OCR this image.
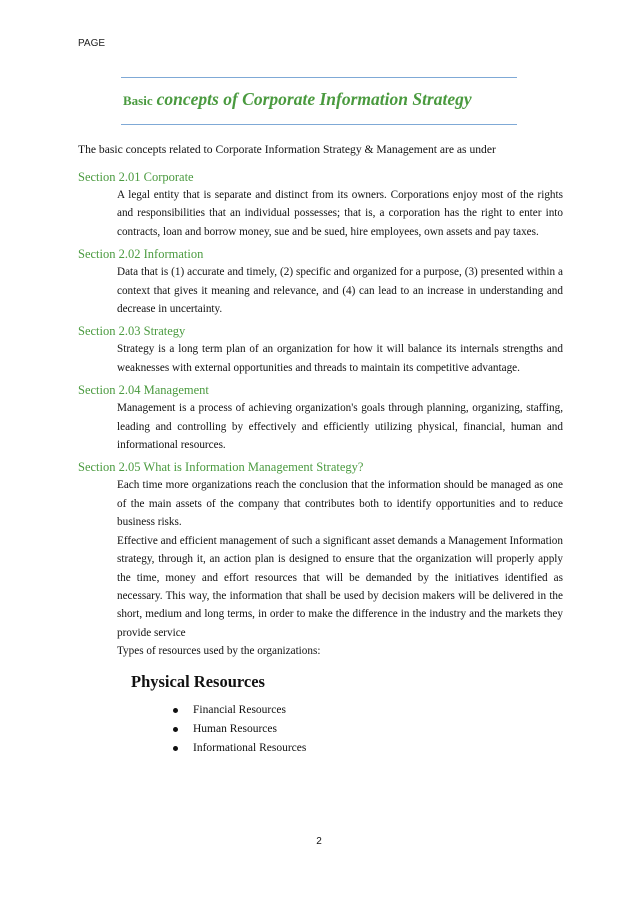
PAGE
Basic concepts of Corporate Information Strategy
The basic concepts related to Corporate Information Strategy & Management are as under
Section 2.01 Corporate
A legal entity that is separate and distinct from its owners. Corporations enjoy most of the rights and responsibilities that an individual possesses; that is, a corporation has the right to enter into contracts, loan and borrow money, sue and be sued, hire employees, own assets and pay taxes.
Section 2.02 Information
Data that is (1) accurate and timely, (2) specific and organized for a purpose, (3) presented within a context that gives it meaning and relevance, and (4) can lead to an increase in understanding and decrease in uncertainty.
Section 2.03 Strategy
Strategy is a long term plan of an organization for how it will balance its internals strengths and weaknesses with external opportunities and threads to maintain its competitive advantage.
Section 2.04 Management
Management is a process of achieving organization's goals through planning, organizing, staffing, leading and controlling by effectively and efficiently utilizing physical, financial, human and informational resources.
Section 2.05 What is Information Management Strategy?
Each time more organizations reach the conclusion that the information should be managed as one of the main assets of the company that contributes both to identify opportunities and to reduce business risks.
Effective and efficient management of such a significant asset demands a Management Information strategy, through it, an action plan is designed to ensure that the organization will properly apply the time, money and effort resources that will be demanded by the initiatives identified as necessary. This way, the information that shall be used by decision makers will be delivered in the short, medium and long terms, in order to make the difference in the industry and the markets they provide service
Types of resources used by the organizations:
Physical Resources
Financial Resources
Human Resources
Informational Resources
2
